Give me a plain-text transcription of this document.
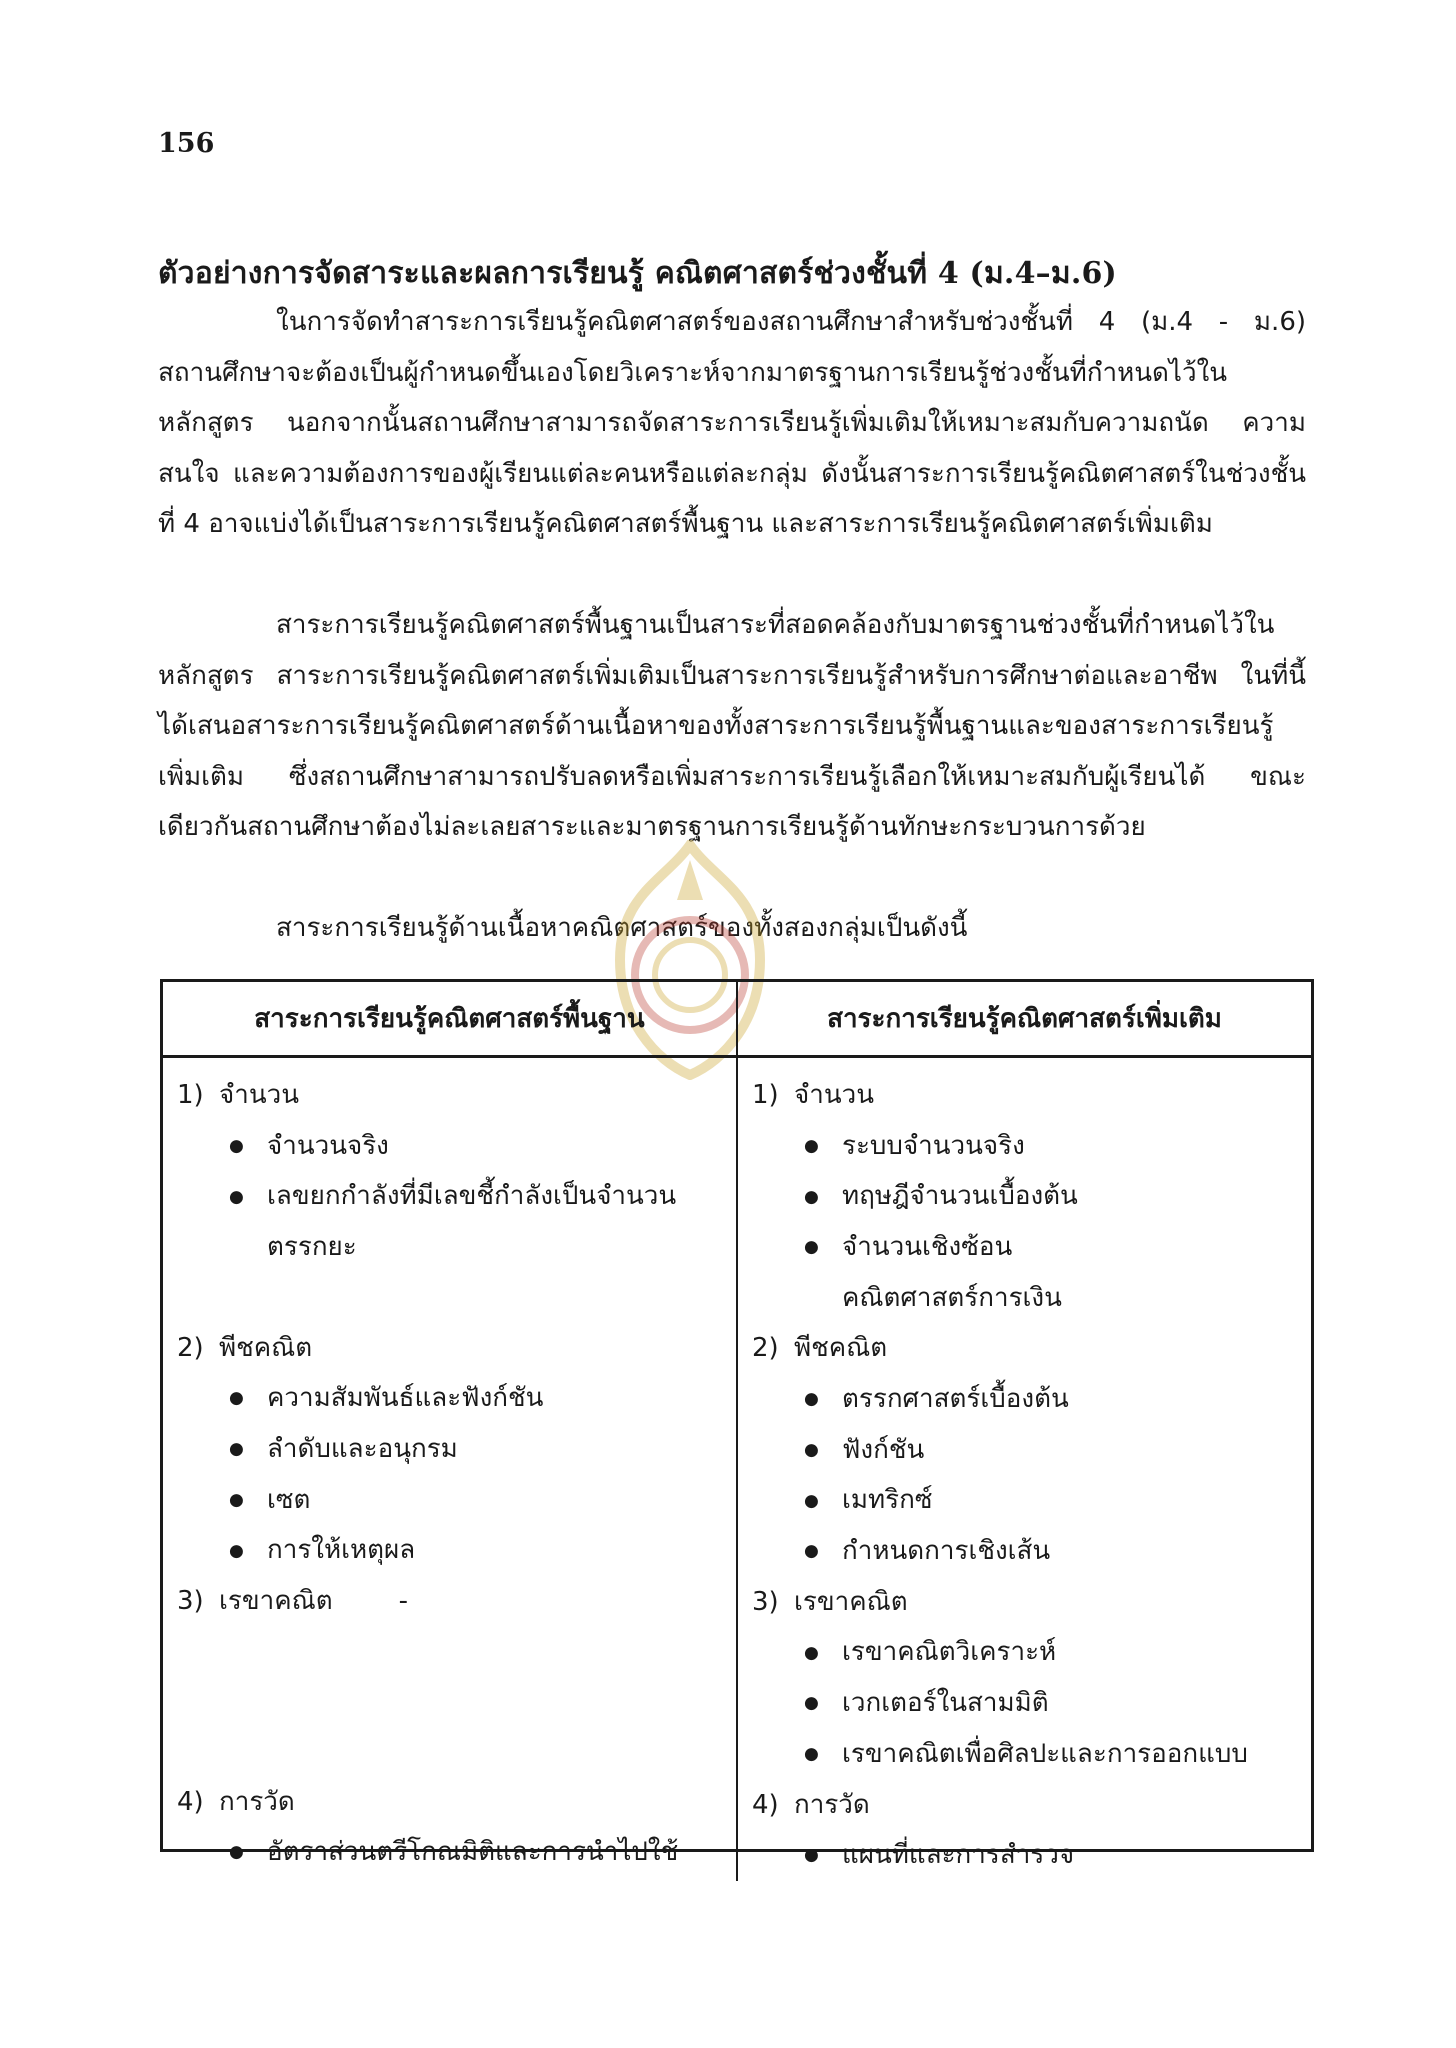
156
ตัวอย่างการจัดสาระและผลการเรียนรู้ คณิตศาสตร์ช่วงชั้นที่ 4 (ม.4–ม.6)

ในการจัดทำสาระการเรียนรู้คณิตศาสตร์ของสถานศึกษาสำหรับช่วงชั้นที่ 4 (ม.4 - ม.6) สถานศึกษาจะต้องเป็นผู้กำหนดขึ้นเองโดยวิเคราะห์จากมาตรฐานการเรียนรู้ช่วงชั้นที่กำหนดไว้ในหลักสูตร นอกจากนั้นสถานศึกษาสามารถจัดสาระการเรียนรู้เพิ่มเติมให้เหมาะสมกับความถนัด ความสนใจ และความต้องการของผู้เรียนแต่ละคนหรือแต่ละกลุ่ม ดังนั้นสาระการเรียนรู้คณิตศาสตร์ในช่วงชั้นที่ 4 อาจแบ่งได้เป็นสาระการเรียนรู้คณิตศาสตร์พื้นฐาน และสาระการเรียนรู้คณิตศาสตร์เพิ่มเติม

สาระการเรียนรู้คณิตศาสตร์พื้นฐานเป็นสาระที่สอดคล้องกับมาตรฐานช่วงชั้นที่กำหนดไว้ในหลักสูตร สาระการเรียนรู้คณิตศาสตร์เพิ่มเติมเป็นสาระการเรียนรู้สำหรับการศึกษาต่อและอาชีพ ในที่นี้ได้เสนอสาระการเรียนรู้คณิตศาสตร์ด้านเนื้อหาของทั้งสาระการเรียนรู้พื้นฐานและของสาระการเรียนรู้เพิ่มเติม ซึ่งสถานศึกษาสามารถปรับลดหรือเพิ่มสาระการเรียนรู้เลือกให้เหมาะสมกับผู้เรียนได้ ขณะเดียวกันสถานศึกษาต้องไม่ละเลยสาระและมาตรฐานการเรียนรู้ด้านทักษะกระบวนการด้วย

สาระการเรียนรู้ด้านเนื้อหาคณิตศาสตร์ของทั้งสองกลุ่มเป็นดังนี้

สาระการเรียนรู้คณิตศาสตร์พื้นฐาน	สาระการเรียนรู้คณิตศาสตร์เพิ่มเติม
1) จำนวน
●
จำนวนจริง
●
เลขยกกำลังที่มีเลขชี้กำลังเป็นจำนวน
ตรรกยะ
2) พีชคณิต
●
ความสัมพันธ์และฟังก์ชัน
●
ลำดับและอนุกรม
●
เซต
●
การให้เหตุผล
3) เรขาคณิต	-
4) การวัด
●
อัตราส่วนตรีโกณมิติและการนำไปใช้
1) จำนวน
●
ระบบจำนวนจริง
●
ทฤษฎีจำนวนเบื้องต้น
●
จำนวนเชิงซ้อน
คณิตศาสตร์การเงิน
2) พีชคณิต
●
ตรรกศาสตร์เบื้องต้น
●
ฟังก์ชัน
●
เมทริกซ์
●
กำหนดการเชิงเส้น
3) เรขาคณิต
●
เรขาคณิตวิเคราะห์
●
เวกเตอร์ในสามมิติ
●
เรขาคณิตเพื่อศิลปะและการออกแบบ
4) การวัด
●
แผนที่และการสำรวจ
